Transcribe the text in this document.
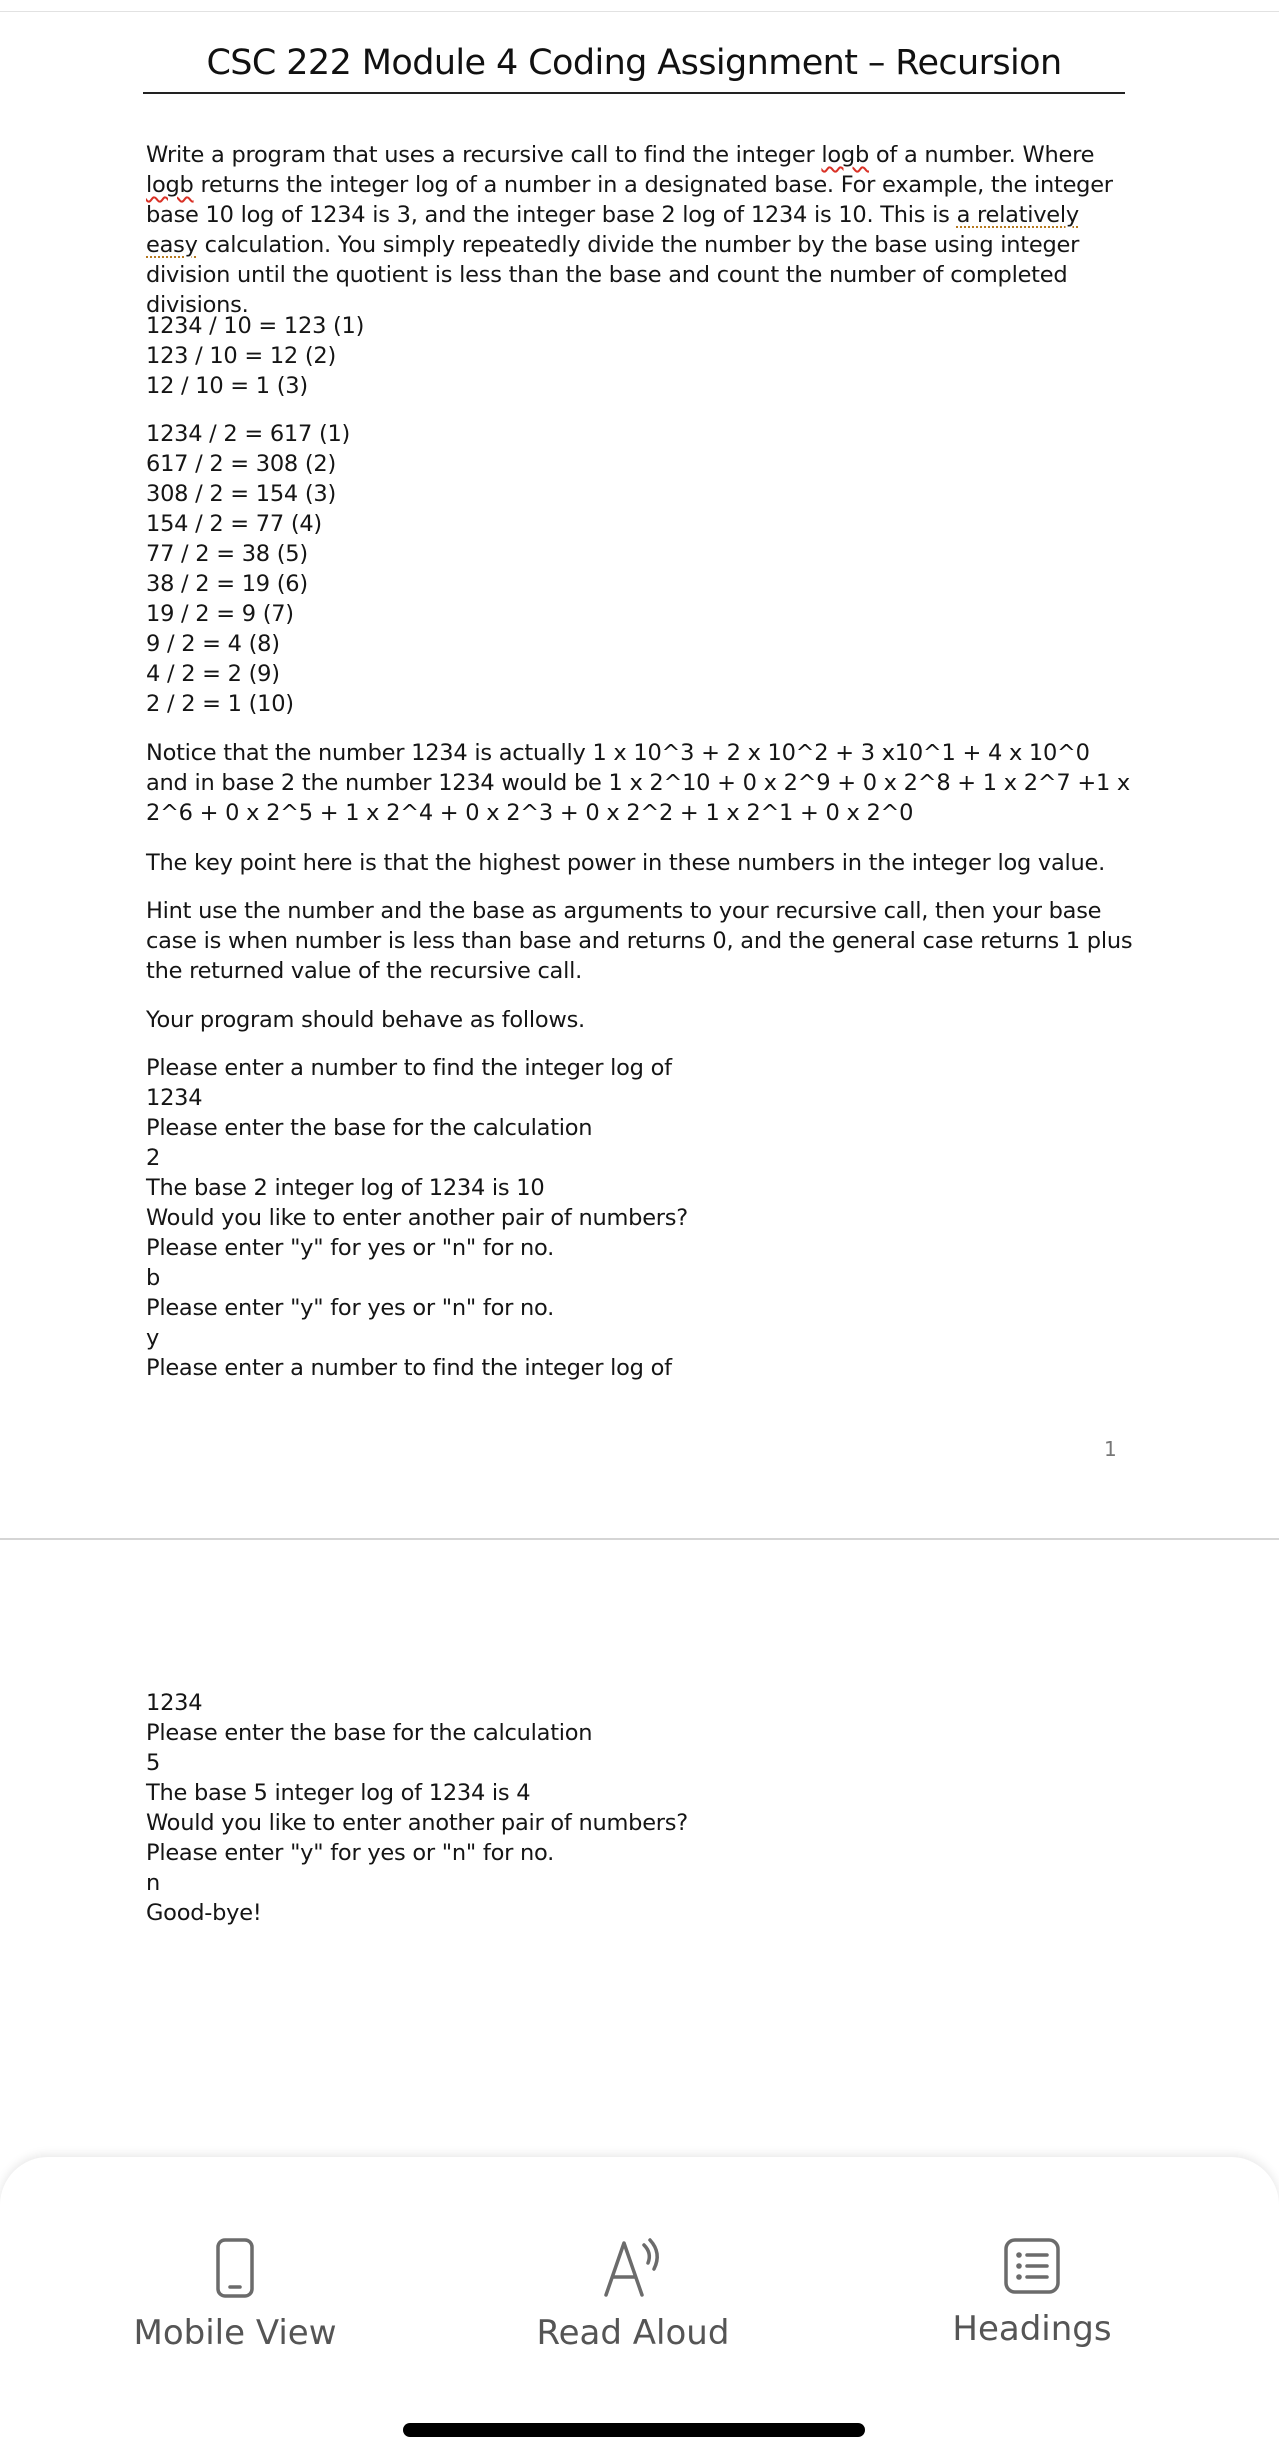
CSC 222 Module 4 Coding Assignment – Recursion

Write a program that uses a recursive call to find the integer logb of a number. Where logb returns the integer log of a number in a designated base. For example, the integer base 10 log of 1234 is 3, and the integer base 2 log of 1234 is 10. This is a relatively easy calculation. You simply repeatedly divide the number by the base using integer division until the quotient is less than the base and count the number of completed divisions.

1234 / 10 = 123 (1)
123 / 10 = 12 (2)
12 / 10 = 1 (3)
1234 / 2 = 617 (1)
617 / 2 = 308 (2)
308 / 2 = 154 (3)
154 / 2 = 77 (4)
77 / 2 = 38 (5)
38 / 2 = 19 (6)
19 / 2 = 9 (7)
9 / 2 = 4 (8)
4 / 2 = 2 (9)
2 / 2 = 1 (10)
Notice that the number 1234 is actually 1 x 10^3 + 2 x 10^2 + 3 x10^1 + 4 x 10^0
and in base 2 the number 1234 would be 1 x 2^10 + 0 x 2^9 + 0 x 2^8 + 1 x 2^7 +1 x
2^6 + 0 x 2^5 + 1 x 2^4 + 0 x 2^3 + 0 x 2^2 + 1 x 2^1 + 0 x 2^0
The key point here is that the highest power in these numbers in the integer log value.
Hint use the number and the base as arguments to your recursive call, then your base
case is when number is less than base and returns 0, and the general case returns 1 plus
the returned value of the recursive call.
Your program should behave as follows.
Please enter a number to find the integer log of
1234
Please enter the base for the calculation
2
The base 2 integer log of 1234 is 10
Would you like to enter another pair of numbers?
Please enter "y" for yes or "n" for no.
b
Please enter "y" for yes or "n" for no.
y
Please enter a number to find the integer log of
1
1234
Please enter the base for the calculation
5
The base 5 integer log of 1234 is 4
Would you like to enter another pair of numbers?
Please enter "y" for yes or "n" for no.
n
Good-bye!
Mobile View	Read Aloud	Headings
